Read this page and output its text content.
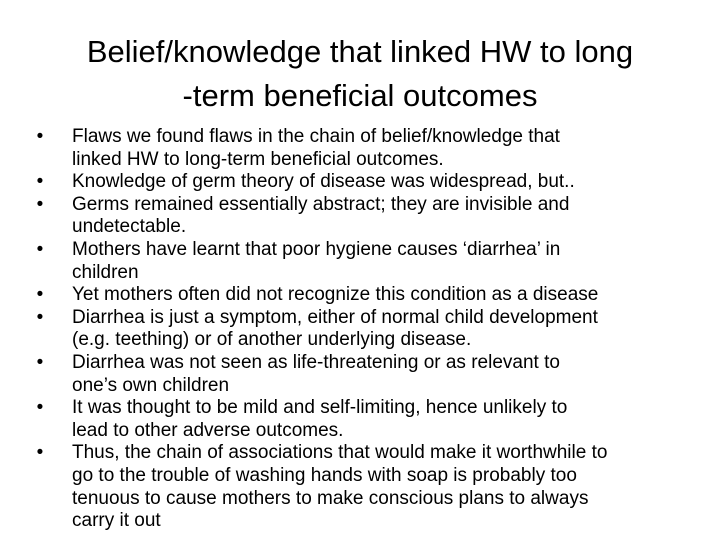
Belief/knowledge that linked HW to long
-term beneficial outcomes
•	Flaws we found flaws in the chain of belief/knowledge that
linked HW to long-term beneficial outcomes.
•	Knowledge of germ theory of disease was widespread, but..
•	Germs remained essentially abstract; they are invisible and
undetectable.
•	Mothers have learnt that poor hygiene causes ‘diarrhea’ in
children
•	Yet mothers often did not recognize this condition as a disease
•	Diarrhea is just a symptom, either of normal child development
(e.g. teething) or of another underlying disease.
•	Diarrhea was not seen as life-threatening or as relevant to
one’s own children
•	It was thought to be mild and self-limiting, hence unlikely to
lead to other adverse outcomes.
•	Thus, the chain of associations that would make it worthwhile to
go to the trouble of washing hands with soap is probably too
tenuous to cause mothers to make conscious plans to always
carry it out
